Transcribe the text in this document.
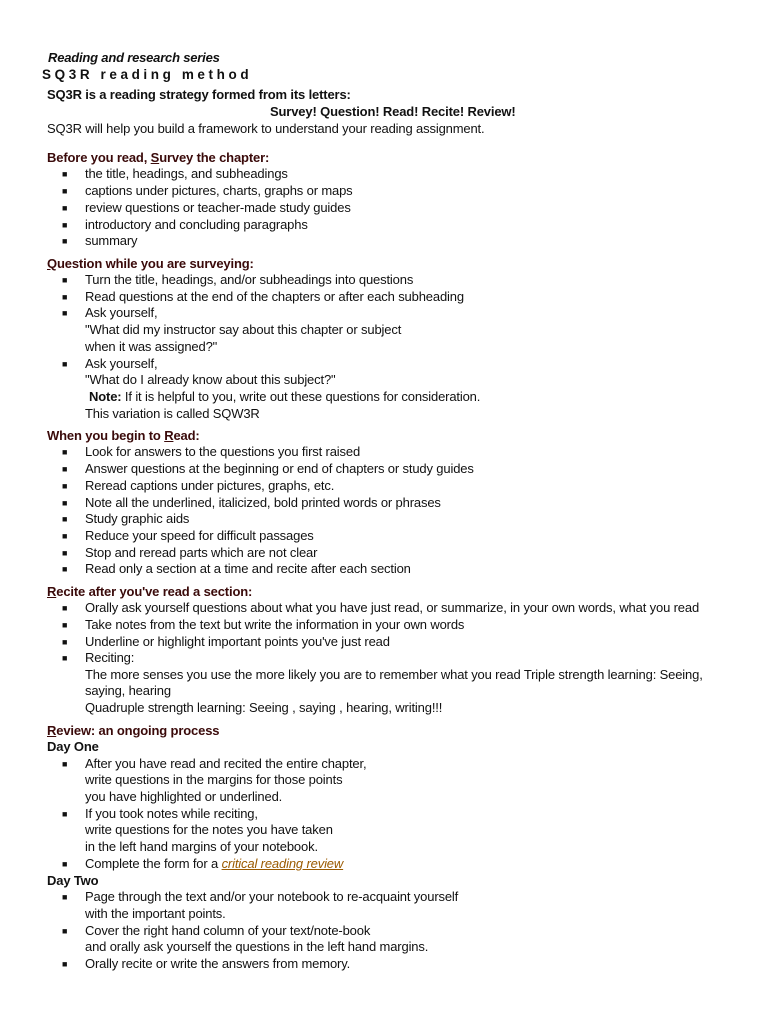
Reading and research series
SQ3R reading method
SQ3R is a reading strategy formed from its letters:
Survey! Question! Read! Recite! Review!
SQ3R will help you build a framework to understand your reading assignment.
Before you read, Survey the chapter:
■ the title, headings, and subheadings
■ captions under pictures, charts, graphs or maps
■ review questions or teacher-made study guides
■ introductory and concluding paragraphs
■ summary
Question while you are surveying:
■ Turn the title, headings, and/or subheadings into questions
■ Read questions at the end of the chapters or after each subheading
■ Ask yourself,
"What did my instructor say about this chapter or subject
when it was assigned?"
■ Ask yourself,
"What do I already know about this subject?"
Note: If it is helpful to you, write out these questions for consideration.
This variation is called SQW3R
When you begin to Read:
■ Look for answers to the questions you first raised
■ Answer questions at the beginning or end of chapters or study guides
■ Reread captions under pictures, graphs, etc.
■ Note all the underlined, italicized, bold printed words or phrases
■ Study graphic aids
■ Reduce your speed for difficult passages
■ Stop and reread parts which are not clear
■ Read only a section at a time and recite after each section
Recite after you've read a section:
■ Orally ask yourself questions about what you have just read, or summarize, in your own words, what you read
■ Take notes from the text but write the information in your own words
■ Underline or highlight important points you've just read
■ Reciting:
The more senses you use the more likely you are to remember what you read Triple strength learning: Seeing,
saying, hearing
Quadruple strength learning: Seeing , saying , hearing, writing!!!
Review: an ongoing process
Day One
■ After you have read and recited the entire chapter,
write questions in the margins for those points
you have highlighted or underlined.
■ If you took notes while reciting,
write questions for the notes you have taken
in the left hand margins of your notebook.
■ Complete the form for a critical reading review
Day Two
■ Page through the text and/or your notebook to re-acquaint yourself
with the important points.
■ Cover the right hand column of your text/note-book
and orally ask yourself the questions in the left hand margins.
■ Orally recite or write the answers from memory.
